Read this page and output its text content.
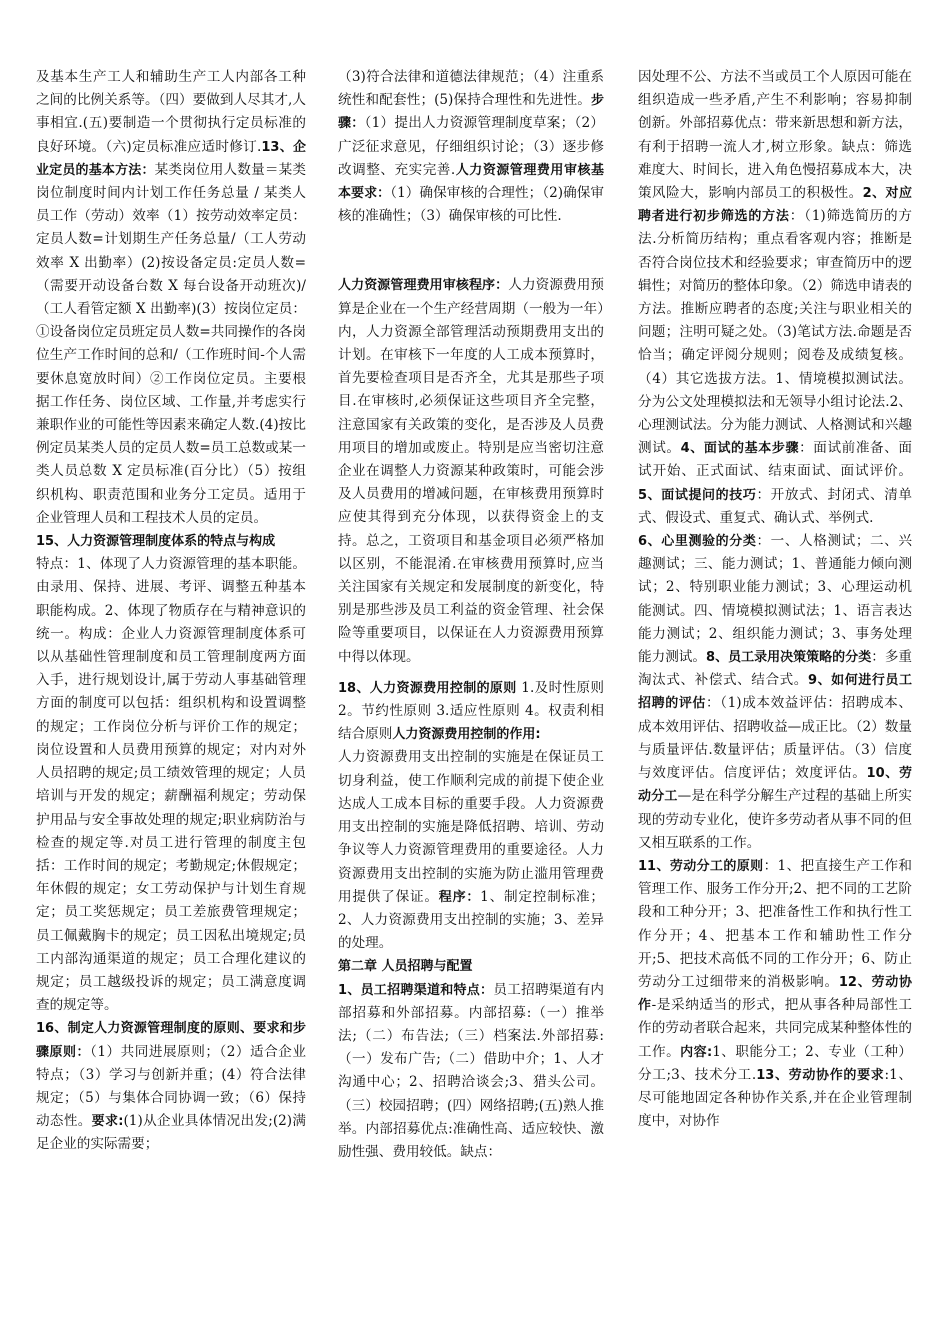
及基本生产工人和辅助生产工人内部各工种之间的比例关系等。（四）要做到人尽其才,人事相宜.(五)要制造一个贯彻执行定员标准的良好环境。（六)定员标准应适时修订.13、企业定员的基本方法：某类岗位用人数量＝某类岗位制度时间内计划工作任务总量 / 某类人员工作（劳动）效率（1）按劳动效率定员：定员人数=计划期生产任务总量/（工人劳动效率 X 出勤率）(2)按设备定员:定员人数=（需要开动设备台数 X 每台设备开动班次)/（工人看管定额 X 出勤率)(3）按岗位定员：①设备岗位定员班定员人数=共同操作的各岗位生产工作时间的总和/（工作班时间-个人需要休息宽放时间）②工作岗位定员。主要根据工作任务、岗位区域、工作量,并考虑实行兼职作业的可能性等因素来确定人数.(4)按比例定员某类人员的定员人数=员工总数或某一类人员总数 X 定员标准(百分比）（5）按组织机构、职责范围和业务分工定员。适用于企业管理人员和工程技术人员的定员。

15、人力资源管理制度体系的特点与构成
特点：1、体现了人力资源管理的基本职能。由录用、保持、进展、考评、调整五种基本职能构成。2、体现了物质存在与精神意识的统一。构成：企业人力资源管理制度体系可以从基础性管理制度和员工管理制度两方面入手，进行规划设计,属于劳动人事基础管理方面的制度可以包括：组织机构和设置调整的规定；工作岗位分析与评价工作的规定；岗位设置和人员费用预算的规定；对内对外人员招聘的规定;员工绩效管理的规定；人员培训与开发的规定；薪酬福利规定；劳动保护用品与安全事故处理的规定;职业病防治与检查的规定等.对员工进行管理的制度主包括：工作时间的规定；考勤规定;休假规定；年休假的规定；女工劳动保护与计划生育规定；员工奖惩规定；员工差旅费管理规定；员工佩戴胸卡的规定；员工因私出境规定;员工内部沟通渠道的规定；员工合理化建议的规定；员工越级投诉的规定；员工满意度调查的规定等。

16、制定人力资源管理制度的原则、要求和步骤原则：（1）共同进展原则；（2）适合企业特点；（3）学习与创新并重；(4）符合法律规定；（5）与集体合同协调一致；（6）保持动态性。要求:(1)从企业具体情况出发;(2)满足企业的实际需要；

（3)符合法律和道德法律规范；（4）注重系统性和配套性；(5)保持合理性和先进性。步骤：（1）提出人力资源管理制度草案；（2）广泛征求意见，仔细组织讨论；（3）逐步修改调整、充实完善.人力资源管理费用审核基本要求：（1）确保审核的合理性；（2)确保审核的准确性；（3）确保审核的可比性.

人力资源管理费用审核程序：人力资源费用预算是企业在一个生产经营周期（一般为一年）内，人力资源全部管理活动预期费用支出的计划。在审核下一年度的人工成本预算时，首先要检查项目是否齐全，尤其是那些子项目.在审核时,必须保证这些项目齐全完整，注意国家有关政策的变化，是否涉及人员费用项目的增加或废止。特别是应当密切注意企业在调整人力资源某种政策时，可能会涉及人员费用的增减问题，在审核费用预算时应使其得到充分体现，以获得资金上的支持。总之，工资项目和基金项目必须严格加以区别，不能混淆.在审核费用预算时,应当关注国家有关规定和发展制度的新变化，特别是那些涉及员工利益的资金管理、社会保险等重要项目，以保证在人力资源费用预算中得以体现。

18、人力资源费用控制的原则 1.及时性原则 2。节约性原则 3.适应性原则 4。权责利相结合原则人力资源费用控制的作用:
人力资源费用支出控制的实施是在保证员工切身利益，使工作顺利完成的前提下使企业达成人工成本目标的重要手段。人力资源费用支出控制的实施是降低招聘、培训、劳动争议等人力资源管理费用的重要途径。人力资源费用支出控制的实施为防止滥用管理费用提供了保证。程序：1、制定控制标准；2、人力资源费用支出控制的实施；3、差异的处理。

第二章 人员招聘与配置

1、员工招聘渠道和特点：员工招聘渠道有内部招募和外部招募。内部招募:（一）推举法;（二）布告法;（三）档案法.外部招募:（一）发布广告;（二）借助中介；1、人才沟通中心；2、招聘洽谈会;3、猎头公司。（三）校园招聘；(四）网络招聘;(五)熟人推举。内部招募优点:准确性高、适应较快、激励性强、费用较低。缺点：

因处理不公、方法不当或员工个人原因可能在组织造成一些矛盾,产生不利影响；容易抑制创新。外部招募优点：带来新思想和新方法，有利于招聘一流人才,树立形象。缺点：筛选难度大、时间长，进入角色慢招募成本大，决策风险大，影响内部员工的积极性。2、对应聘者进行初步筛选的方法：（1)筛选简历的方法.分析简历结构；重点看客观内容；推断是否符合岗位技术和经验要求；审查简历中的逻辑性；对简历的整体印象。（2）筛选申请表的方法。推断应聘者的态度;关注与职业相关的问题；注明可疑之处。（3)笔试方法.命题是否恰当；确定评阅分规则；阅卷及成绩复核。（4）其它选拔方法。1、情境模拟测试法。分为公文处理模拟法和无领导小组讨论法.2、心理测试法。分为能力测试、人格测试和兴趣测试。4、面试的基本步骤：面试前准备、面试开始、正式面试、结束面试、面试评价。5、面试提问的技巧：开放式、封闭式、清单式、假设式、重复式、确认式、举例式.

6、心里测验的分类：一、人格测试；二、兴趣测试；三、能力测试；1、普通能力倾向测试；2、特别职业能力测试；3、心理运动机能测试。四、情境模拟测试法；1、语言表达能力测试；2、组织能力测试；3、事务处理能力测试。8、员工录用决策策略的分类：多重淘汰式、补偿式、结合式。9、如何进行员工招聘的评估：（1)成本效益评估：招聘成本、成本效用评估、招聘收益—成正比。（2）数量与质量评估.数量评估；质量评估。（3）信度与效度评估。信度评估；效度评估。10、劳动分工—是在科学分解生产过程的基础上所实现的劳动专业化，使许多劳动者从事不同的但又相互联系的工作。

11、劳动分工的原则：1、把直接生产工作和管理工作、服务工作分开;2、把不同的工艺阶段和工种分开；3、把准备性工作和执行性工作分开；4、把基本工作和辅助性工作分开;5、把技术高低不同的工作分开；6、防止劳动分工过细带来的消极影响。12、劳动协作-是采纳适当的形式，把从事各种局部性工作的劳动者联合起来，共同完成某种整体性的工作。内容:1、职能分工；2、专业（工种）分工;3、技术分工.13、劳动协作的要求:1、尽可能地固定各种协作关系,并在企业管理制度中，对协作
